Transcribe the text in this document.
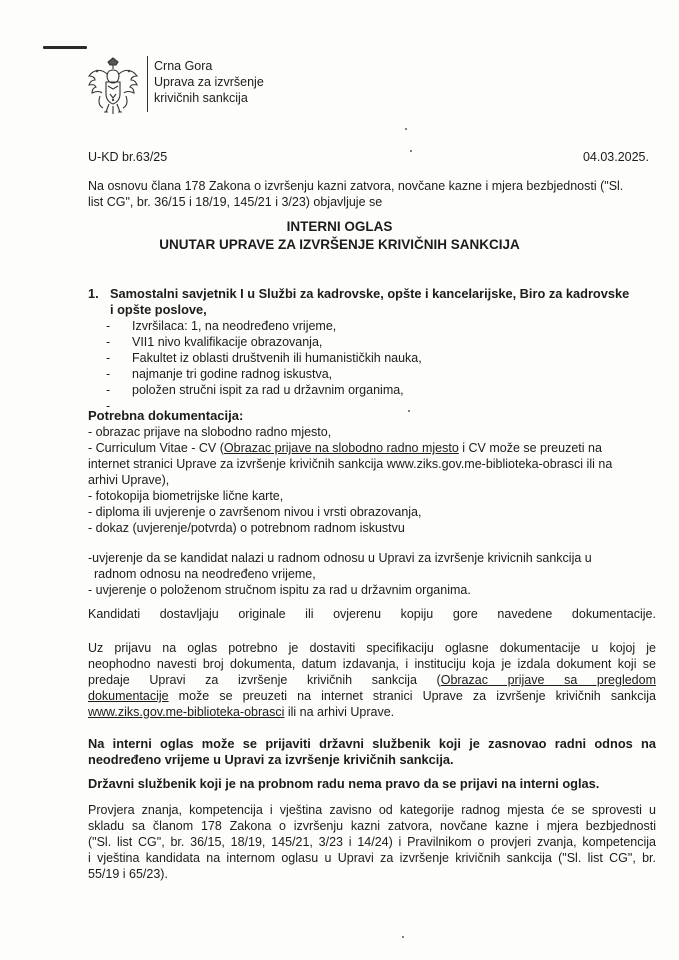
Crna Gora
Uprava za izvršenje
krivičnih sankcija
U-KD br.63/25	04.03.2025.
Na osnovu člana 178 Zakona o izvršenju kazni zatvora, novčane kazne i mjera bezbjednosti ("Sl.
list CG", br. 36/15 i 18/19, 145/21 i 3/23) objavljuje se
INTERNI OGLAS
UNUTAR UPRAVE ZA IZVRŠENJE KRIVIČNIH SANKCIJA
1. Samostalni savjetnik I u Službi za kadrovske, opšte i kancelarijske, Biro za kadrovske
i opšte poslove,
- Izvršilaca: 1, na neodređeno vrijeme,
- VII1 nivo kvalifikacije obrazovanja,
- Fakultet iz oblasti društvenih ili humanističkih nauka,
- najmanje tri godine radnog iskustva,
- položen stručni ispit za rad u državnim organima,
-
Potrebna dokumentacija:
- obrazac prijave na slobodno radno mjesto,
- Curriculum Vitae - CV (Obrazac prijave na slobodno radno mjesto i CV može se preuzeti na
internet stranici Uprave za izvršenje krivičnih sankcija www.ziks.gov.me-biblioteka-obrasci ili na
arhivi Uprave),
- fotokopija biometrijske lične karte,
- diploma ili uvjerenje o završenom nivou i vrsti obrazovanja,
- dokaz (uvjerenje/potvrda) o potrebnom radnom iskustvu
-uvjerenje da se kandidat nalazi u radnom odnosu u Upravi za izvršenje krivicnih sankcija u
radnom odnosu na neodređeno vrijeme,
- uvjerenje o položenom stručnom ispitu za rad u državnim organima.
Kandidati dostavljaju originale ili ovjerenu kopiju gore navedene dokumentacije.
Uz prijavu na oglas potrebno je dostaviti specifikaciju oglasne dokumentacije u kojoj je
neophodno navesti broj dokumenta, datum izdavanja, i instituciju koja je izdala dokument koji se
predaje Upravi za izvršenje krivičnih sankcija (Obrazac prijave sa pregledom
dokumentacije može se preuzeti na internet stranici Uprave za izvršenje krivičnih sankcija
www.ziks.gov.me-biblioteka-obrasci ili na arhivi Uprave.
Na interni oglas može se prijaviti državni službenik koji je zasnovao radni odnos na
neodređeno vrijeme u Upravi za izvršenje krivičnih sankcija.
Državni službenik koji je na probnom radu nema pravo da se prijavi na interni oglas.
Provjera znanja, kompetencija i vještina zavisno od kategorije radnog mjesta će se sprovesti u
skladu sa članom 178 Zakona o izvršenju kazni zatvora, novčane kazne i mjera bezbjednosti
("Sl. list CG", br. 36/15, 18/19, 145/21, 3/23 i 14/24) i Pravilnikom o provjeri zvanja, kompetencija
i vještina kandidata na internom oglasu u Upravi za izvršenje krivičnih sankcija ("Sl. list CG", br.
55/19 i 65/23).
